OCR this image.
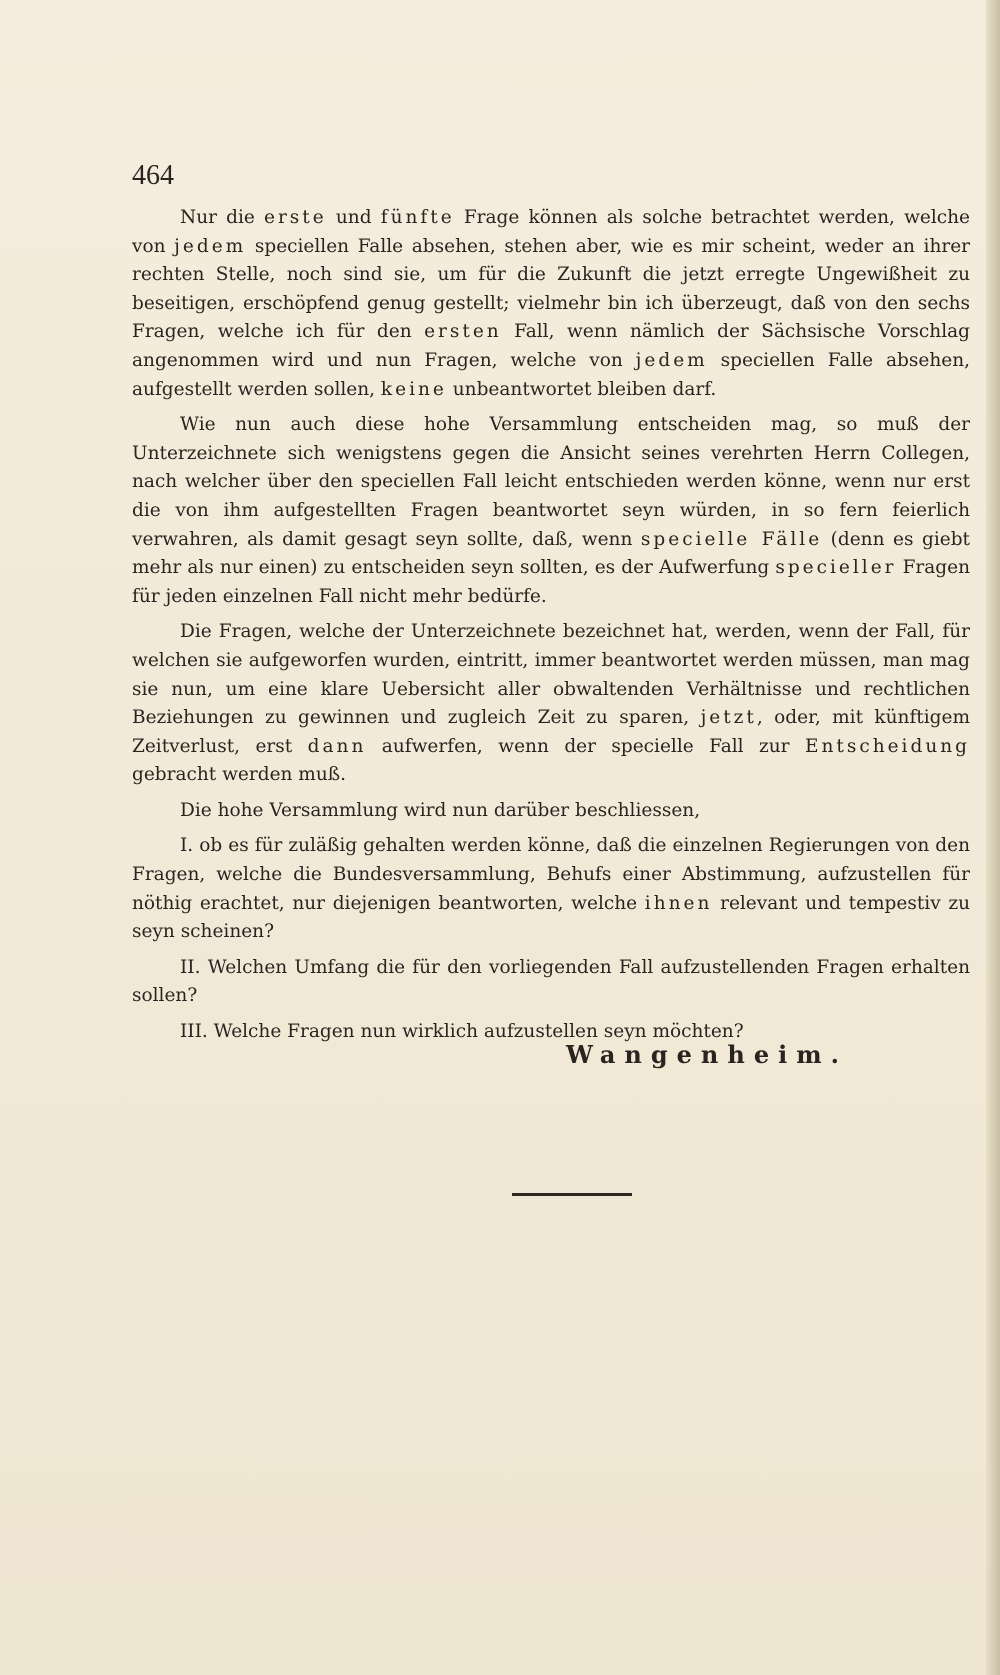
464

Nur die erste und fünfte Frage können als solche betrachtet werden, welche von jedem speciellen Falle absehen, stehen aber, wie es mir scheint, weder an ihrer rechten Stelle, noch sind sie, um für die Zukunft die jetzt erregte Ungewißheit zu beseitigen, erschöpfend genug gestellt; vielmehr bin ich überzeugt, daß von den sechs Fragen, welche ich für den ersten Fall, wenn nämlich der Sächsische Vorschlag angenommen wird und nun Fragen, welche von jedem speciellen Falle absehen, aufgestellt werden sollen, keine unbeantwortet bleiben darf.

Wie nun auch diese hohe Versammlung entscheiden mag, so muß der Unterzeichnete sich wenigstens gegen die Ansicht seines verehrten Herrn Collegen, nach welcher über den speciellen Fall leicht entschieden werden könne, wenn nur erst die von ihm aufgestellten Fragen beantwortet seyn würden, in so fern feierlich verwahren, als damit gesagt seyn sollte, daß, wenn specielle Fälle (denn es giebt mehr als nur einen) zu entscheiden seyn sollten, es der Aufwerfung specieller Fragen für jeden einzelnen Fall nicht mehr bedürfe.

Die Fragen, welche der Unterzeichnete bezeichnet hat, werden, wenn der Fall, für welchen sie aufgeworfen wurden, eintritt, immer beantwortet werden müssen, man mag sie nun, um eine klare Uebersicht aller obwaltenden Verhältnisse und rechtlichen Beziehungen zu gewinnen und zugleich Zeit zu sparen, jetzt, oder, mit künftigem Zeitverlust, erst dann aufwerfen, wenn der specielle Fall zur Entscheidung gebracht werden muß.

Die hohe Versammlung wird nun darüber beschliessen,

I. ob es für zuläßig gehalten werden könne, daß die einzelnen Regierungen von den Fragen, welche die Bundesversammlung, Behufs einer Abstimmung, aufzustellen für nöthig erachtet, nur diejenigen beantworten, welche ihnen relevant und tempestiv zu seyn scheinen?

II. Welchen Umfang die für den vorliegenden Fall aufzustellenden Fragen erhalten sollen?

III. Welche Fragen nun wirklich aufzustellen seyn möchten?

Wangenheim.
